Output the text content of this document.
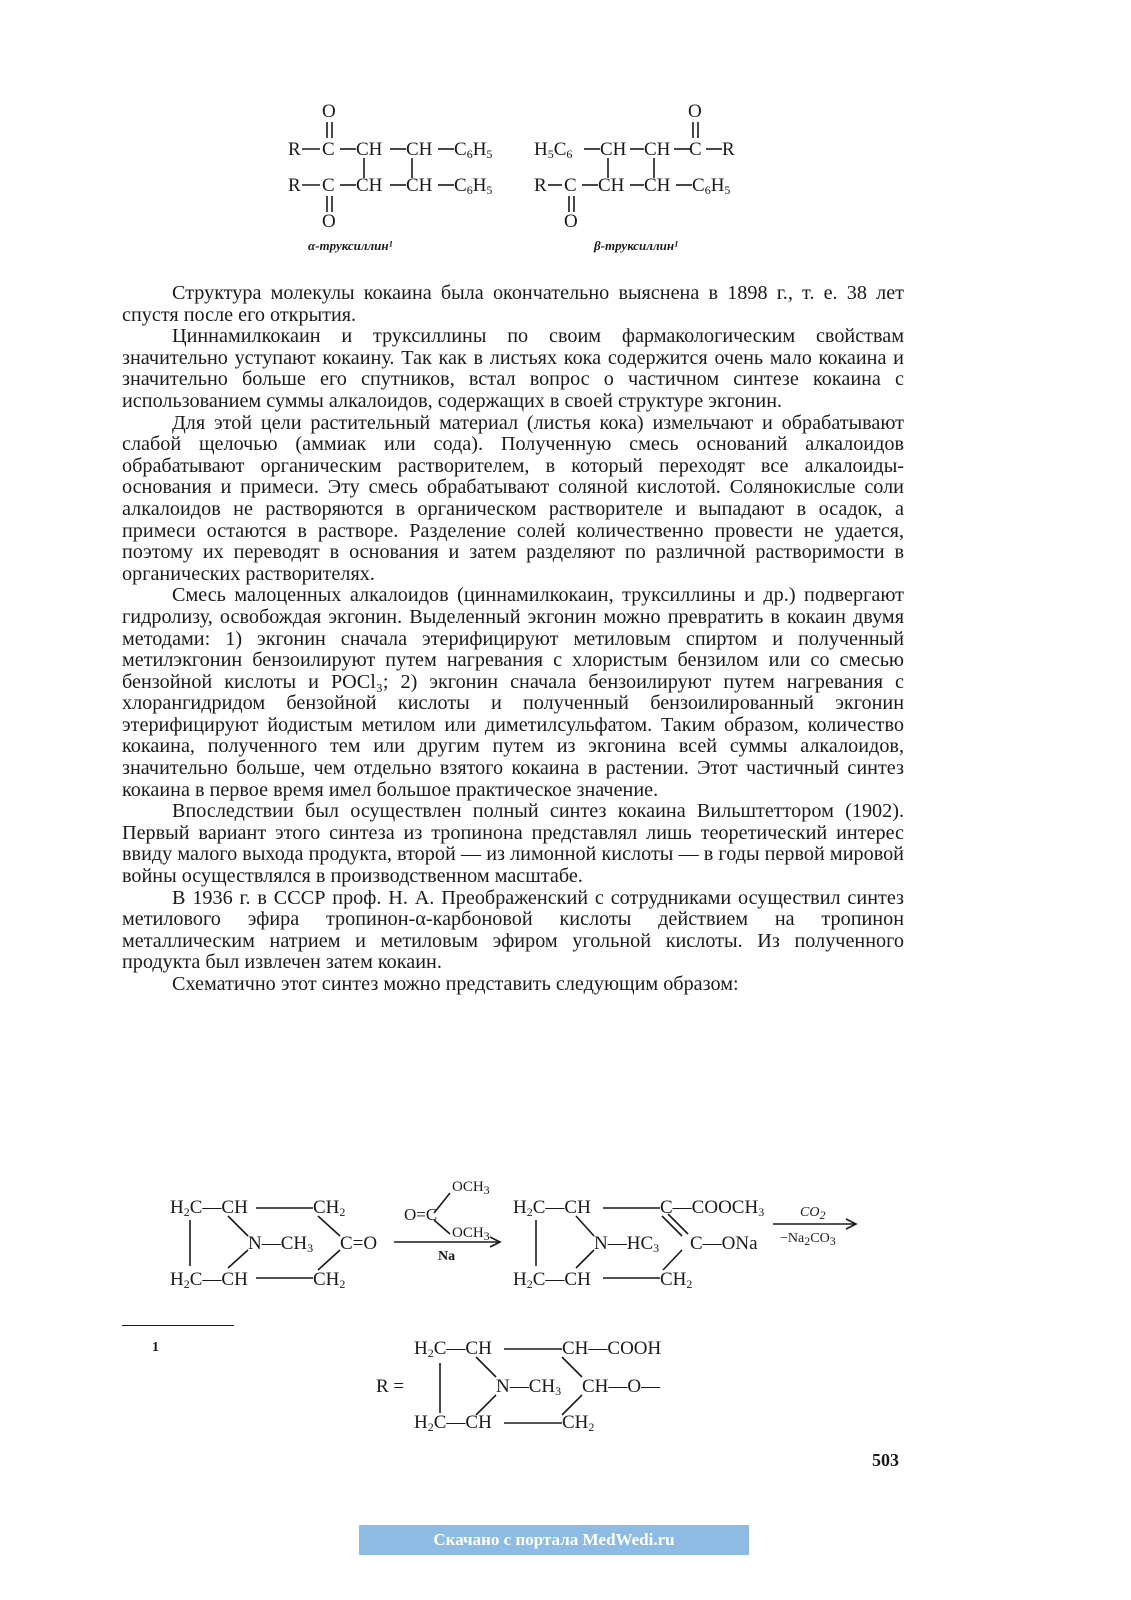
O
R C CH CH C6H5
R C CH CH C6H5
O
α-труксиллин¹
O
H5C6 CH CH C R
R C CH CH C6H5
O
β-труксиллин¹

Структура молекулы кокаина была окончательно выяснена в 1898 г., т. е. 38 лет спустя после его открытия.

Циннамилкокаин и труксиллины по своим фармакологическим свойствам значительно уступают кокаину. Так как в листьях кока содержится очень мало кокаина и значительно больше его спутников, встал вопрос о частичном синтезе кокаина с использованием суммы алкалоидов, содержащих в своей структуре экгонин.

Для этой цели растительный материал (листья кока) измельчают и обрабатывают слабой щелочью (аммиак или сода). Полученную смесь оснований алкалоидов обрабатывают органическим растворителем, в который переходят все алкалоиды-основания и примеси. Эту смесь обрабатывают соляной кислотой. Солянокислые соли алкалоидов не растворяются в органическом растворителе и выпадают в осадок, а примеси остаются в растворе. Разделение солей количественно провести не удается, поэтому их переводят в основания и затем разделяют по различной растворимости в органических растворителях.

Смесь малоценных алкалоидов (циннамилкокаин, труксиллины и др.) подвергают гидролизу, освобождая экгонин. Выделенный экгонин можно превратить в кокаин двумя методами: 1) экгонин сначала этерифицируют метиловым спиртом и полученный метилэкгонин бензоилируют путем нагревания с хлористым бензилом или со смесью бензойной кислоты и POCl₃; 2) экгонин сначала бензоилируют путем нагревания с хлорангидридом бензойной кислоты и полученный бензоилированный экгонин этерифицируют йодистым метилом или диметилсульфатом. Таким образом, количество кокаина, полученного тем или другим путем из экгонина всей суммы алкалоидов, значительно больше, чем отдельно взятого кокаина в растении. Этот частичный синтез кокаина в первое время имел большое практическое значение.

Впоследствии был осуществлен полный синтез кокаина Вильштеттором (1902). Первый вариант этого синтеза из тропинона представлял лишь теоретический интерес ввиду малого выхода продукта, второй — из лимонной кислоты — в годы первой мировой войны осуществлялся в производственном масштабе.

В 1936 г. в СССР проф. Н. А. Преображенский с сотрудниками осуществил синтез метилового эфира тропинон-α-карбоновой кислоты действием на тропинон металлическим натрием и метиловым эфиром угольной кислоты. Из полученного продукта был извлечен затем кокаин.

Схематично этот синтез можно представить следующим образом:

H2C—CH	CH2
N—CH3 C=O
H2C—CH	CH2
O=C
$OCH_3$
$OCH_3$
Na
H2C—CH	C—COOCH3
N—HC3 C—ONa
H2C—CH	CH2
CO2
−Na2CO3
1	H2C—CH	CH—COOH
R =	N—CH3 CH—O—
H2C—CH	CH2
503
Скачано с портала MedWedi.ru
